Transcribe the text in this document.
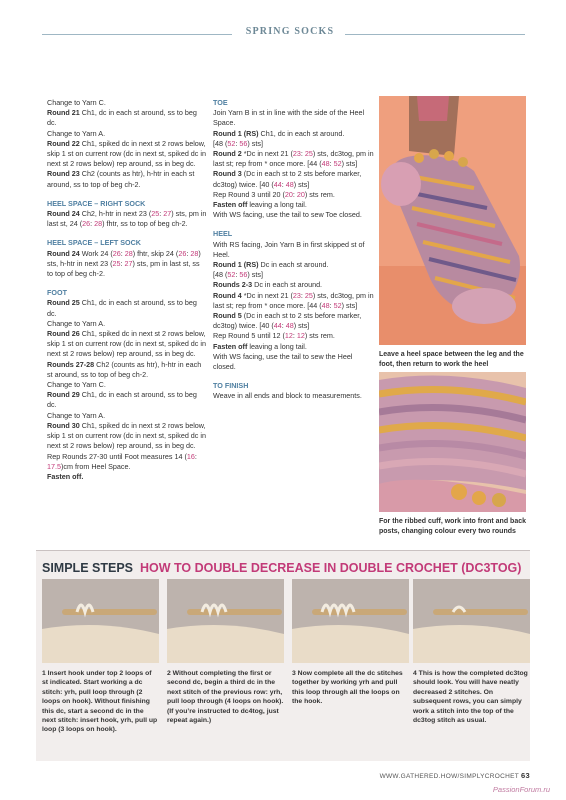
SPRING SOCKS

Change to Yarn C.

Round 21 Ch1, dc in each st around, ss to beg dc.

Change to Yarn A.

Round 22 Ch1, spiked dc in next st 2 rows below, skip 1 st on current row (dc in next st, spiked dc in next st 2 rows below) rep around, ss in beg dc.

Round 23 Ch2 (counts as htr), h-htr in each st around, ss to top of beg ch-2.

HEEL SPACE – RIGHT SOCK

Round 24 Ch2, h-htr in next 23 (25: 27) sts, pm in last st, 24 (26: 28) fhtr, ss to top of beg ch-2.

HEEL SPACE – LEFT SOCK

Round 24 Work 24 (26: 28) fhtr, skip 24 (26: 28) sts, h-htr in next 23 (25: 27) sts, pm in last st, ss to top of beg ch-2.

FOOT

Round 25 Ch1, dc in each st around, ss to beg dc.

Change to Yarn A.

Round 26 Ch1, spiked dc in next st 2 rows below, skip 1 st on current row (dc in next st, spiked dc in next st 2 rows below) rep around, ss in beg dc.

Rounds 27-28 Ch2 (counts as htr), h-htr in each st around, ss to top of beg ch-2.

Change to Yarn C.

Round 29 Ch1, dc in each st around, ss to beg dc.

Change to Yarn A.

Round 30 Ch1, spiked dc in next st 2 rows below, skip 1 st on current row (dc in next st, spiked dc in next st 2 rows below) rep around, ss in beg dc.

Rep Rounds 27-30 until Foot measures 14 (16: 17.5)cm from Heel Space.

Fasten off.

TOE

Join Yarn B in st in line with the side of the Heel Space.

Round 1 (RS) Ch1, dc in each st around.

[48 (52: 56) sts]

Round 2 *Dc in next 21 (23: 25) sts, dc3tog, pm in last st; rep from * once more. [44 (48: 52) sts]

Round 3 (Dc in each st to 2 sts before marker, dc3tog) twice. [40 (44: 48) sts]

Rep Round 3 until 20 (20: 20) sts rem.

Fasten off leaving a long tail.

With WS facing, use the tail to sew Toe closed.

HEEL

With RS facing, Join Yarn B in first skipped st of Heel.

Round 1 (RS) Dc in each st around.

[48 (52: 56) sts]

Rounds 2-3 Dc in each st around.

Round 4 *Dc in next 21 (23: 25) sts, dc3tog, pm in last st; rep from * once more. [44 (48: 52) sts]

Round 5 (Dc in each st to 2 sts before marker, dc3tog) twice. [40 (44: 48) sts]

Rep Round 5 until 12 (12: 12) sts rem.

Fasten off leaving a long tail.

With WS facing, use the tail to sew the Heel closed.

TO FINISH

Weave in all ends and block to measurements.

Leave a heel space between the leg and the foot, then return to work the heel
For the ribbed cuff, work into front and back posts, changing colour every two rounds
SIMPLE STEPS HOW TO DOUBLE DECREASE IN DOUBLE CROCHET (DC3TOG)
1 Insert hook under top 2 loops of st indicated. Start working a dc stitch: yrh, pull loop through (2 loops on hook). Without finishing this dc, start a second dc in the next stitch: insert hook, yrh, pull up loop (3 loops on hook).
2 Without completing the first or second dc, begin a third dc in the next stitch of the previous row: yrh, pull loop through (4 loops on hook). (If you’re instructed to dc4tog, just repeat again.)
3 Now complete all the dc stitches together by working yrh and pull this loop through all the loops on the hook.
4 This is how the completed dc3tog should look. You will have neatly decreased 2 stitches. On subsequent rows, you can simply work a stitch into the top of the dc3tog stitch as usual.
WWW.GATHERED.HOW/SIMPLYCROCHET 63
PassionForum.ru
